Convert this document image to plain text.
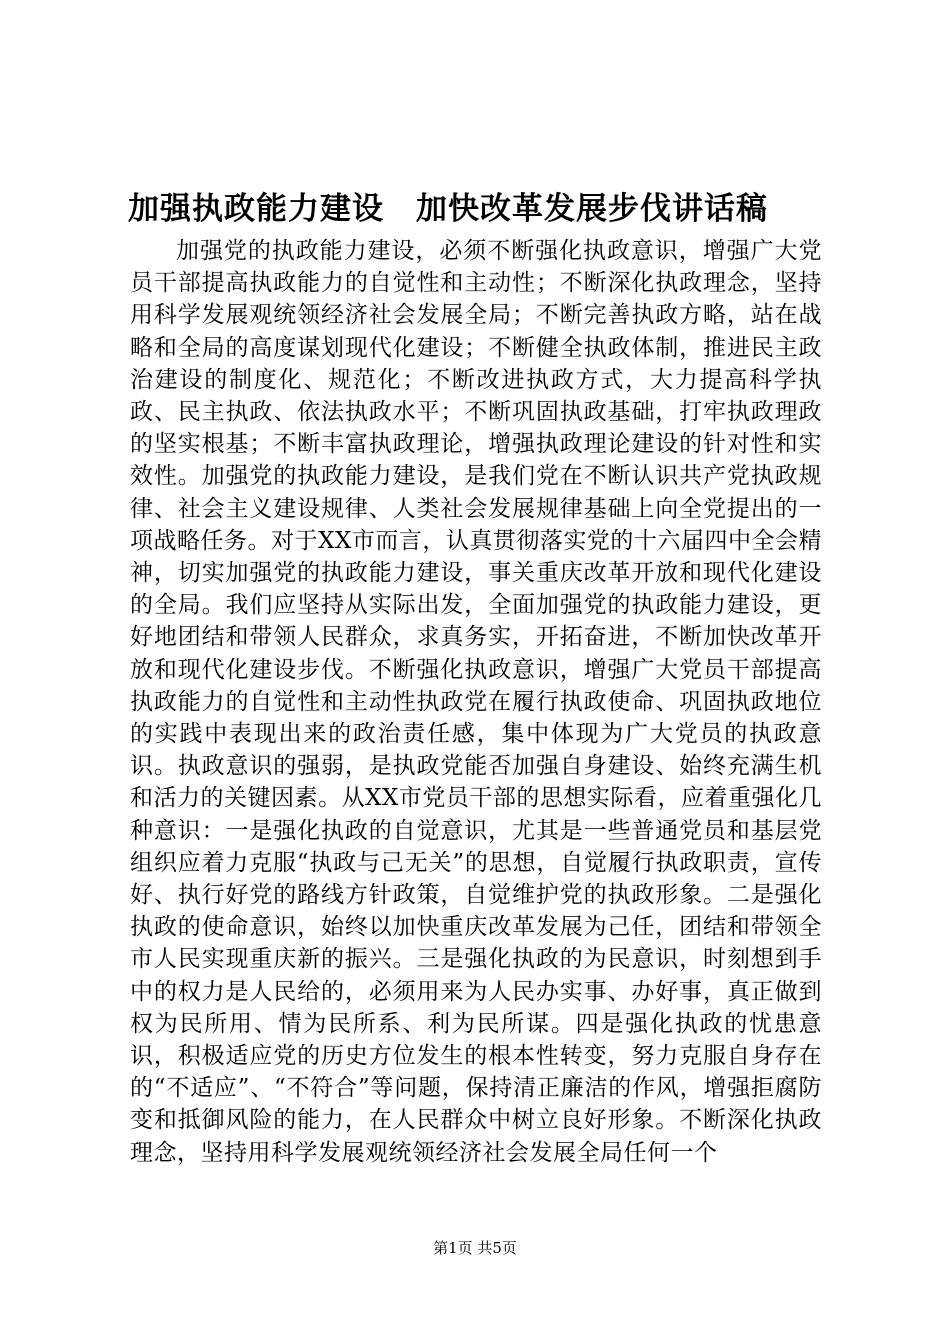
加强执政能力建设　加快改革发展步伐讲话稿

加强党的执政能力建设，必须不断强化执政意识，增强广大党员干部提高执政能力的自觉性和主动性；不断深化执政理念，坚持用科学发展观统领经济社会发展全局；不断完善执政方略，站在战略和全局的高度谋划现代化建设；不断健全执政体制，推进民主政治建设的制度化、规范化；不断改进执政方式，大力提高科学执政、民主执政、依法执政水平；不断巩固执政基础，打牢执政理政的坚实根基；不断丰富执政理论，增强执政理论建设的针对性和实效性。加强党的执政能力建设，是我们党在不断认识共产党执政规律、社会主义建设规律、人类社会发展规律基础上向全党提出的一项战略任务。对于XX市而言，认真贯彻落实党的十六届四中全会精神，切实加强党的执政能力建设，事关重庆改革开放和现代化建设的全局。我们应坚持从实际出发，全面加强党的执政能力建设，更好地团结和带领人民群众，求真务实，开拓奋进，不断加快改革开放和现代化建设步伐。不断强化执政意识，增强广大党员干部提高执政能力的自觉性和主动性执政党在履行执政使命、巩固执政地位的实践中表现出来的政治责任感，集中体现为广大党员的执政意识。执政意识的强弱，是执政党能否加强自身建设、始终充满生机和活力的关键因素。从XX市党员干部的思想实际看，应着重强化几种意识：一是强化执政的自觉意识，尤其是一些普通党员和基层党组织应着力克服“执政与己无关”的思想，自觉履行执政职责，宣传好、执行好党的路线方针政策，自觉维护党的执政形象。二是强化执政的使命意识，始终以加快重庆改革发展为己任，团结和带领全市人民实现重庆新的振兴。三是强化执政的为民意识，时刻想到手中的权力是人民给的，必须用来为人民办实事、办好事，真正做到权为民所用、情为民所系、利为民所谋。四是强化执政的忧患意识，积极适应党的历史方位发生的根本性转变，努力克服自身存在的“不适应”、“不符合”等问题，保持清正廉洁的作风，增强拒腐防变和抵御风险的能力，在人民群众中树立良好形象。不断深化执政理念，坚持用科学发展观统领经济社会发展全局任何一个

第1页 共5页
